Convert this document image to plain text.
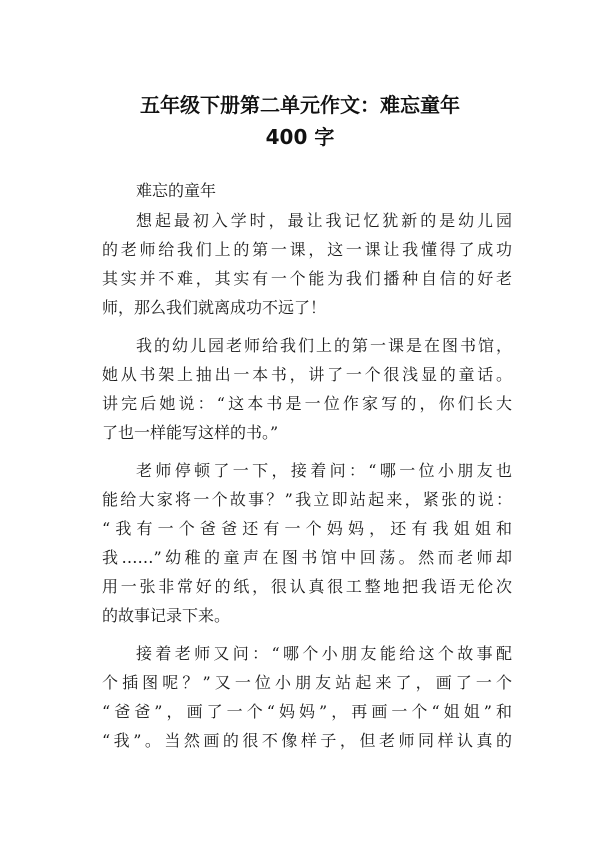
五年级下册第二单元作文：难忘童年
400 字
难忘的童年
想起最初入学时，最让我记忆犹新的是幼儿园
的老师给我们上的第一课，这一课让我懂得了成功
其实并不难，其实有一个能为我们播种自信的好老
师，那么我们就离成功不远了！
我的幼儿园老师给我们上的第一课是在图书馆，
她从书架上抽出一本书，讲了一个很浅显的童话。
讲完后她说：“这本书是一位作家写的，你们长大
了也一样能写这样的书。”
老师停顿了一下，接着问：“哪一位小朋友也
能给大家将一个故事？”我立即站起来，紧张的说：
“我有一个爸爸还有一个妈妈，还有我姐姐和
我……”幼稚的童声在图书馆中回荡。然而老师却
用一张非常好的纸，很认真很工整地把我语无伦次
的故事记录下来。
接着老师又问：“哪个小朋友能给这个故事配
个插图呢？”又一位小朋友站起来了，画了一个
“爸爸”，画了一个“妈妈”，再画一个“姐姐”和
“我”。当然画的很不像样子，但老师同样认真的
